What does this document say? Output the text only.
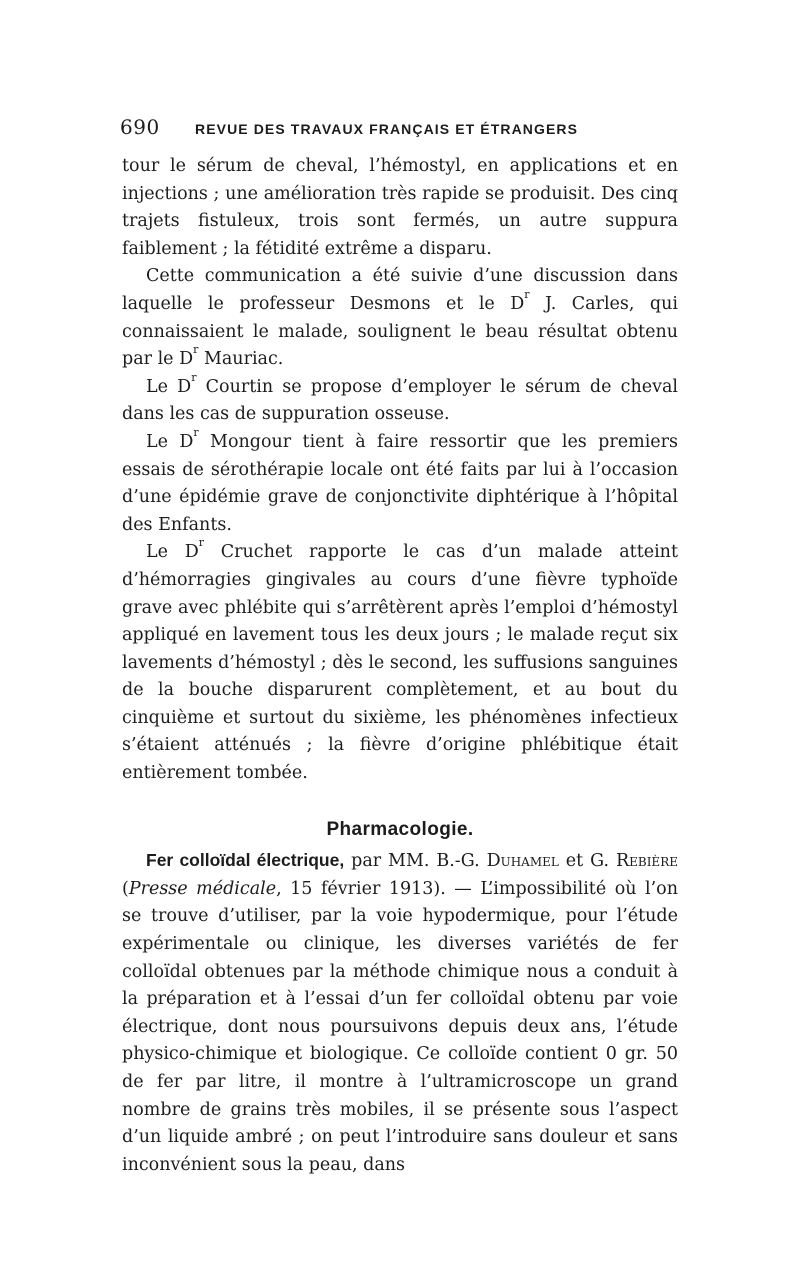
690	REVUE DES TRAVAUX FRANÇAIS ET ÉTRANGERS

tour le sérum de cheval, l’hémostyl, en applications et en injections ; une amélioration très rapide se produisit. Des cinq trajets fistuleux, trois sont fermés, un autre suppura faiblement ; la fétidité extrême a disparu.

Cette communication a été suivie d’une discussion dans laquelle le professeur Desmons et le $D^r$ J. Carles, qui connaissaient le malade, soulignent le beau résultat obtenu par le $D^r$ Mauriac.

Le $D^r$ Courtin se propose d’employer le sérum de cheval dans les cas de suppuration osseuse.

Le $D^r$ Mongour tient à faire ressortir que les premiers essais de sérothérapie locale ont été faits par lui à l’occasion d’une épidémie grave de conjonctivite diphtérique à l’hôpital des Enfants.

Le $D^r$ Cruchet rapporte le cas d’un malade atteint d’hémorragies gingivales au cours d’une fièvre typhoïde grave avec phlébite qui s’arrêtèrent après l’emploi d’hémostyl appliqué en lavement tous les deux jours ; le malade reçut six lavements d’hémostyl ; dès le second, les suffusions sanguines de la bouche disparurent complètement, et au bout du cinquième et surtout du sixième, les phénomènes infectieux s’étaient atténués ; la fièvre d’origine phlébitique était entièrement tombée.

Pharmacologie.

Fer colloïdal électrique, par MM. B.-G. Duhamel et G. Rebière (Presse médicale, 15 février 1913). — L’impossibilité où l’on se trouve d’utiliser, par la voie hypodermique, pour l’étude expérimentale ou clinique, les diverses variétés de fer colloïdal obtenues par la méthode chimique nous a conduit à la préparation et à l’essai d’un fer colloïdal obtenu par voie électrique, dont nous poursuivons depuis deux ans, l’étude physico-chimique et biologique. Ce colloïde contient 0 gr. 50 de fer par litre, il montre à l’ultramicroscope un grand nombre de grains très mobiles, il se présente sous l’aspect d’un liquide ambré ; on peut l’introduire sans douleur et sans inconvénient sous la peau, dans
